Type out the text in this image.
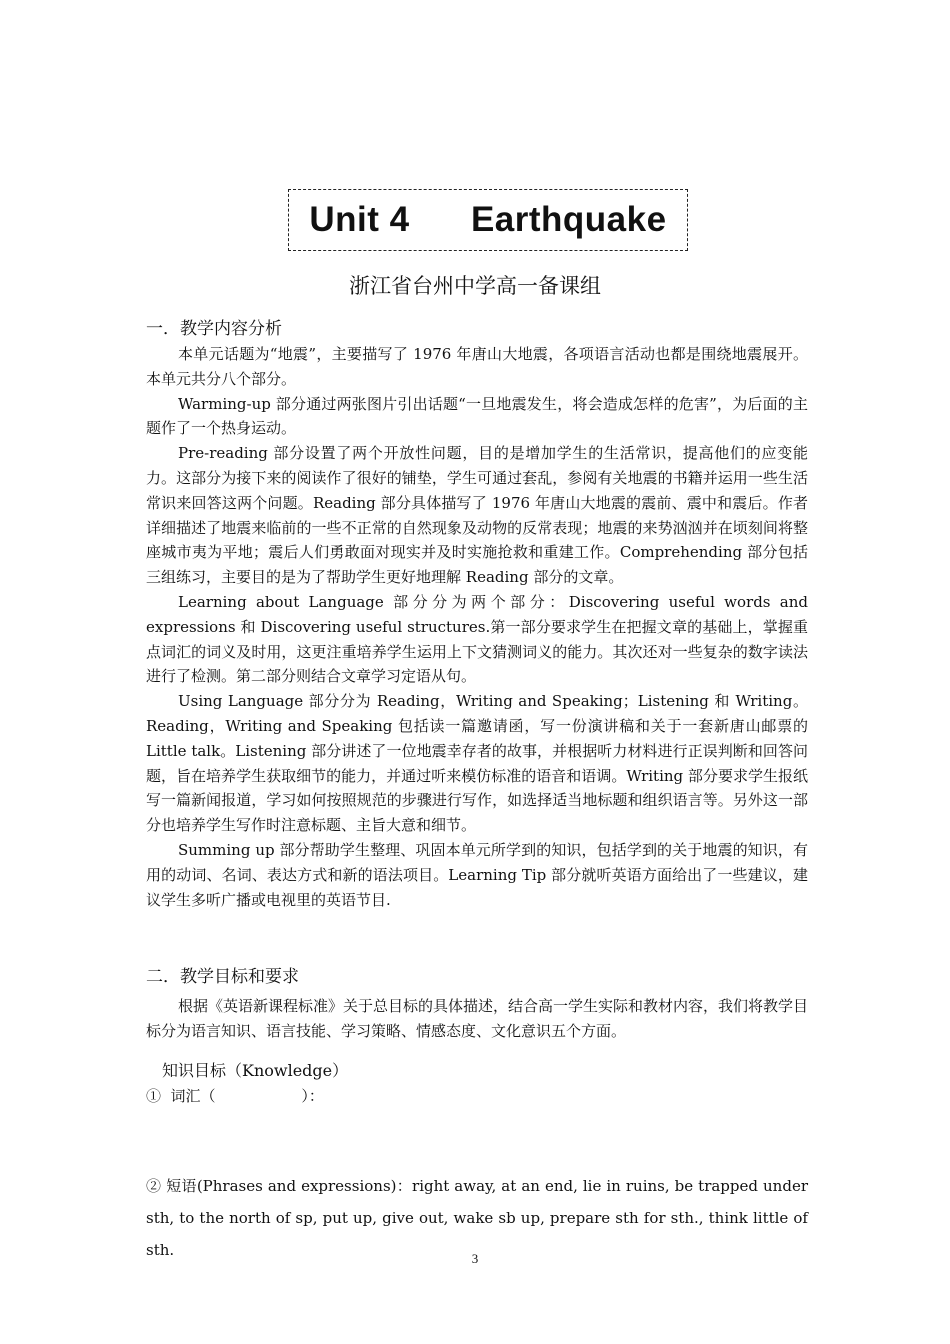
Unit 4      Earthquake
浙江省台州中学高一备课组
一．教学内容分析

本单元话题为“地震”，主要描写了 1976 年唐山大地震，各项语言活动也都是围绕地震展开。本单元共分八个部分。

Warming-up 部分通过两张图片引出话题“一旦地震发生，将会造成怎样的危害”，为后面的主题作了一个热身运动。

Pre-reading 部分设置了两个开放性问题，目的是增加学生的生活常识，提高他们的应变能力。这部分为接下来的阅读作了很好的铺垫，学生可通过套乱，参阅有关地震的书籍并运用一些生活常识来回答这两个问题。Reading 部分具体描写了 1976 年唐山大地震的震前、震中和震后。作者详细描述了地震来临前的一些不正常的自然现象及动物的反常表现；地震的来势汹汹并在顷刻间将整座城市夷为平地；震后人们勇敢面对现实并及时实施抢救和重建工作。Comprehending 部分包括三组练习，主要目的是为了帮助学生更好地理解 Reading 部分的文章。

Learning about Language 部分分为两个部分：Discovering useful words and expressions 和 Discovering useful structures.第一部分要求学生在把握文章的基础上，掌握重点词汇的词义及时用，这更注重培养学生运用上下文猜测词义的能力。其次还对一些复杂的数字读法进行了检测。第二部分则结合文章学习定语从句。

Using Language 部分分为 Reading，Writing and Speaking；Listening 和 Writing。Reading，Writing and Speaking 包括读一篇邀请函，写一份演讲稿和关于一套新唐山邮票的 Little talk。Listening 部分讲述了一位地震幸存者的故事，并根据听力材料进行正误判断和回答问题，旨在培养学生获取细节的能力，并通过听来模仿标准的语音和语调。Writing 部分要求学生报纸写一篇新闻报道，学习如何按照规范的步骤进行写作，如选择适当地标题和组织语言等。另外这一部分也培养学生写作时注意标题、主旨大意和细节。

Summing up 部分帮助学生整理、巩固本单元所学到的知识，包括学到的关于地震的知识，有用的动词、名词、表达方式和新的语法项目。Learning Tip 部分就听英语方面给出了一些建议，建议学生多听广播或电视里的英语节目.

二．教学目标和要求

根据《英语新课程标准》关于总目标的具体描述，结合高一学生实际和教材内容，我们将教学目标分为语言知识、语言技能、学习策略、情感态度、文化意识五个方面。

知识目标（Knowledge）
①  词汇（                  ）：
② 短语(Phrases and expressions)：right away, at an end, lie in ruins, be trapped under sth, to the north of sp, put up, give out, wake sb up, prepare sth for sth., think little of sth.	3
